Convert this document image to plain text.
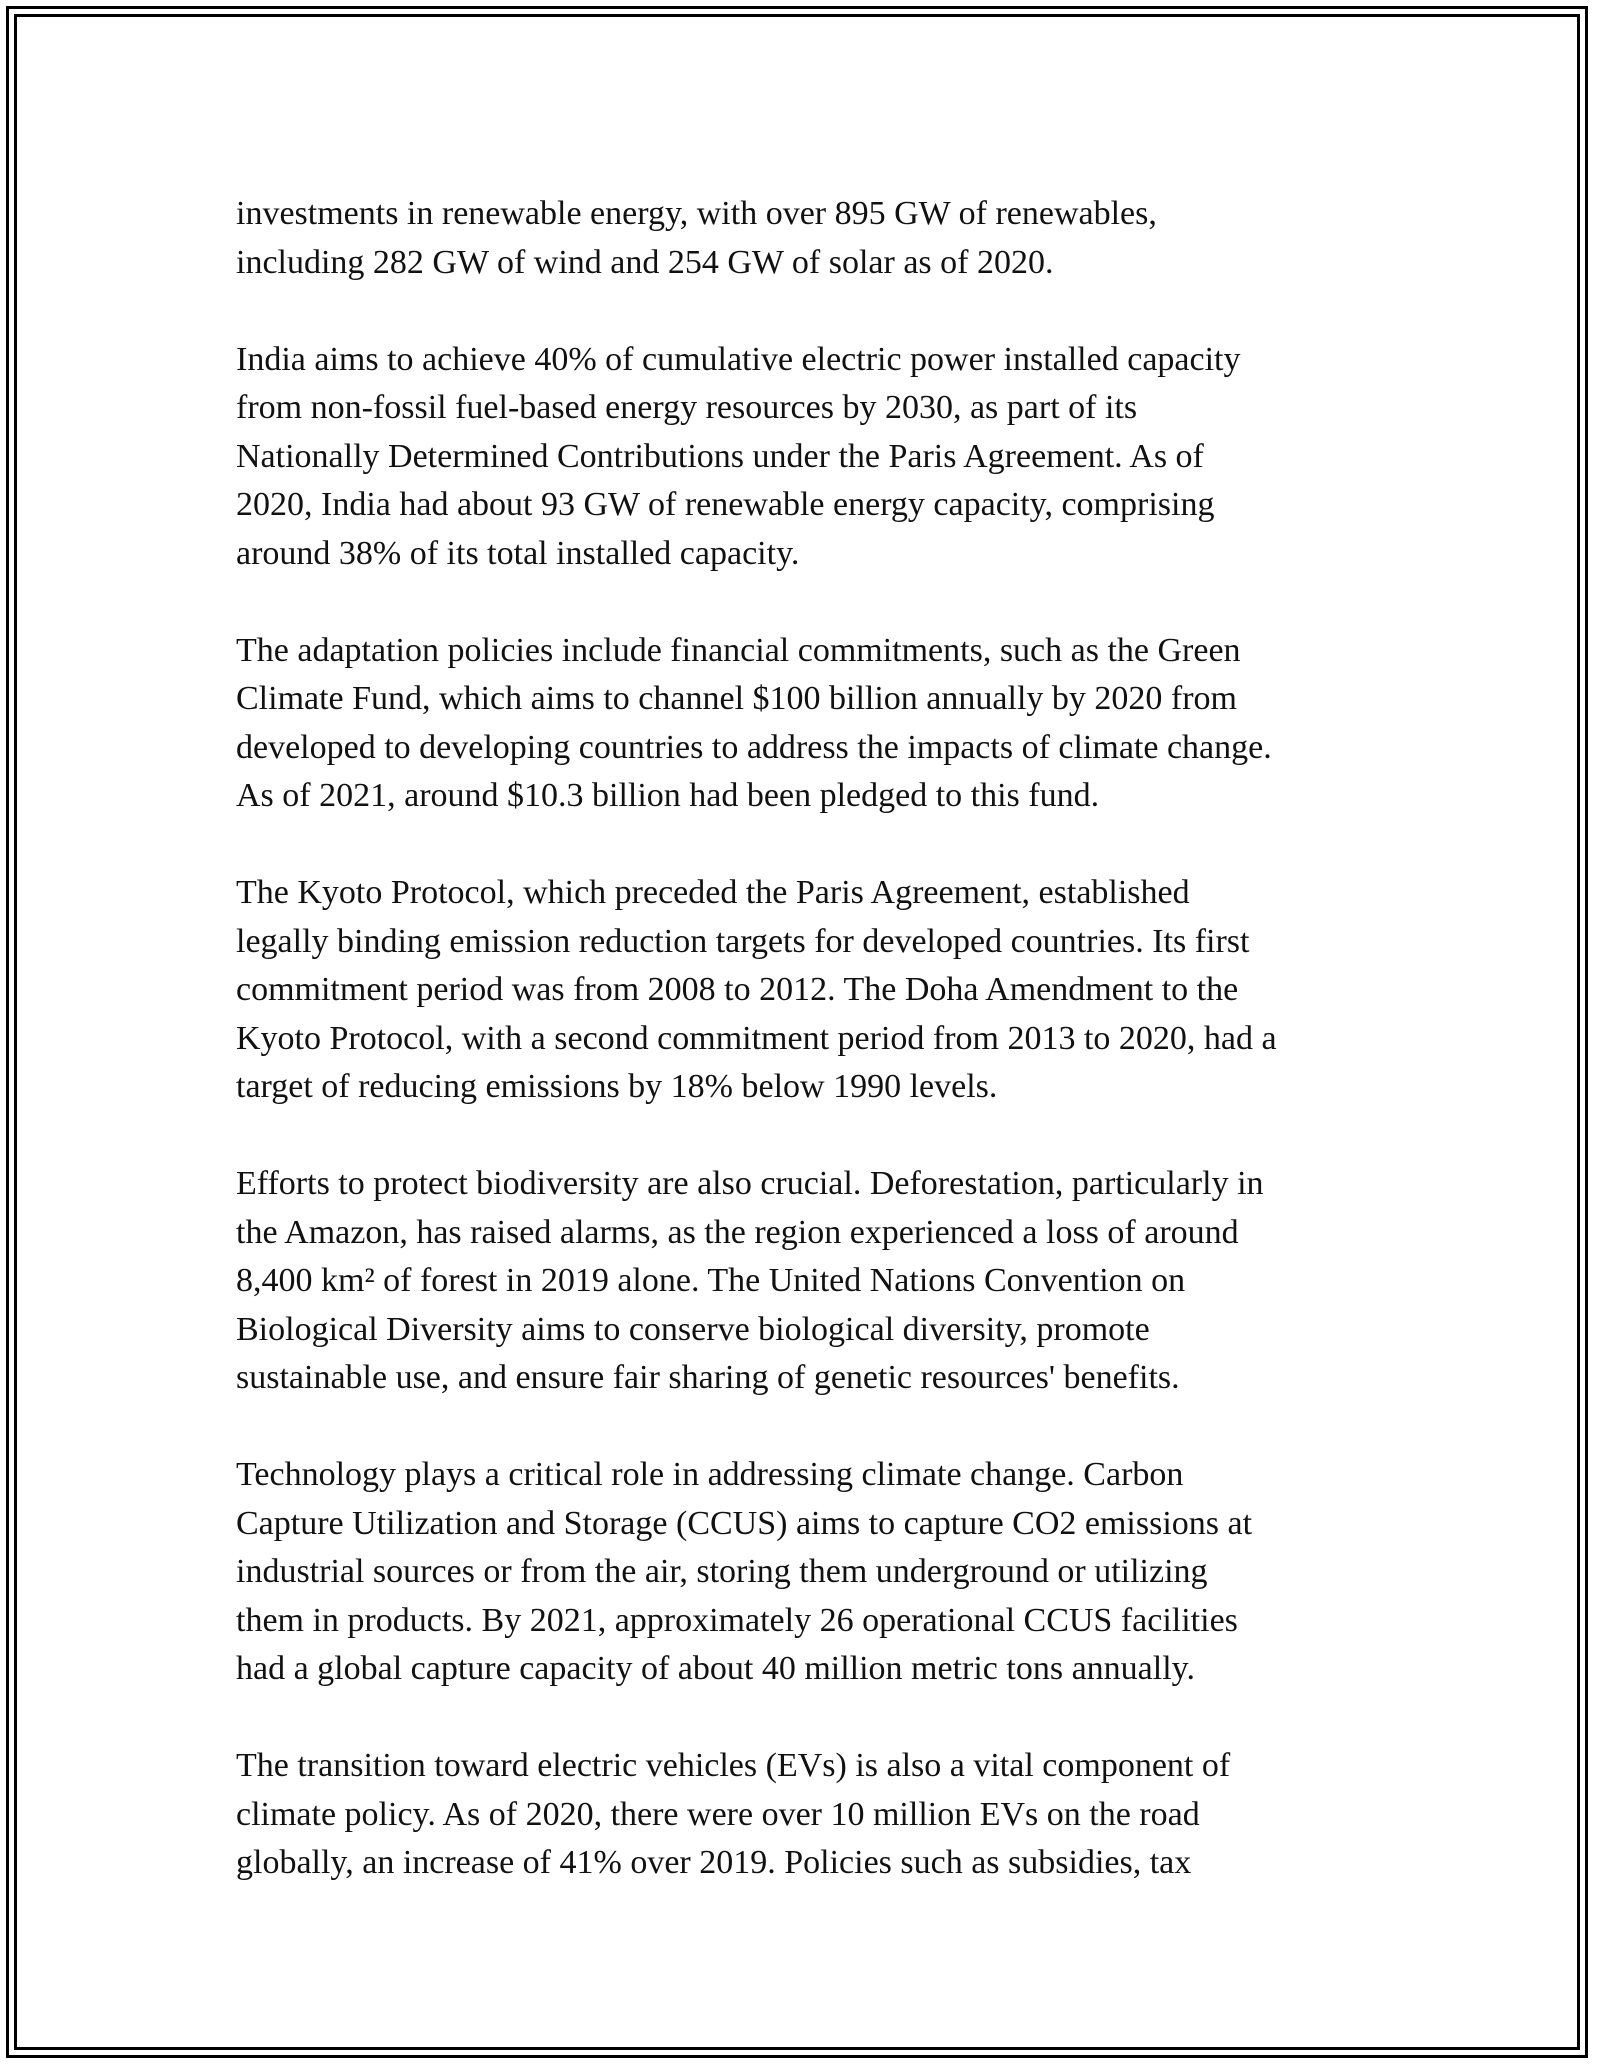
investments in renewable energy, with over 895 GW of renewables,
including 282 GW of wind and 254 GW of solar as of 2020.

India aims to achieve 40% of cumulative electric power installed capacity
from non-fossil fuel-based energy resources by 2030, as part of its
Nationally Determined Contributions under the Paris Agreement. As of
2020, India had about 93 GW of renewable energy capacity, comprising
around 38% of its total installed capacity.

The adaptation policies include financial commitments, such as the Green
Climate Fund, which aims to channel $100 billion annually by 2020 from
developed to developing countries to address the impacts of climate change.
As of 2021, around $10.3 billion had been pledged to this fund.

The Kyoto Protocol, which preceded the Paris Agreement, established
legally binding emission reduction targets for developed countries. Its first
commitment period was from 2008 to 2012. The Doha Amendment to the
Kyoto Protocol, with a second commitment period from 2013 to 2020, had a
target of reducing emissions by 18% below 1990 levels.

Efforts to protect biodiversity are also crucial. Deforestation, particularly in
the Amazon, has raised alarms, as the region experienced a loss of around
8,400 km² of forest in 2019 alone. The United Nations Convention on
Biological Diversity aims to conserve biological diversity, promote
sustainable use, and ensure fair sharing of genetic resources' benefits.

Technology plays a critical role in addressing climate change. Carbon
Capture Utilization and Storage (CCUS) aims to capture CO2 emissions at
industrial sources or from the air, storing them underground or utilizing
them in products. By 2021, approximately 26 operational CCUS facilities
had a global capture capacity of about 40 million metric tons annually.

The transition toward electric vehicles (EVs) is also a vital component of
climate policy. As of 2020, there were over 10 million EVs on the road
globally, an increase of 41% over 2019. Policies such as subsidies, tax
